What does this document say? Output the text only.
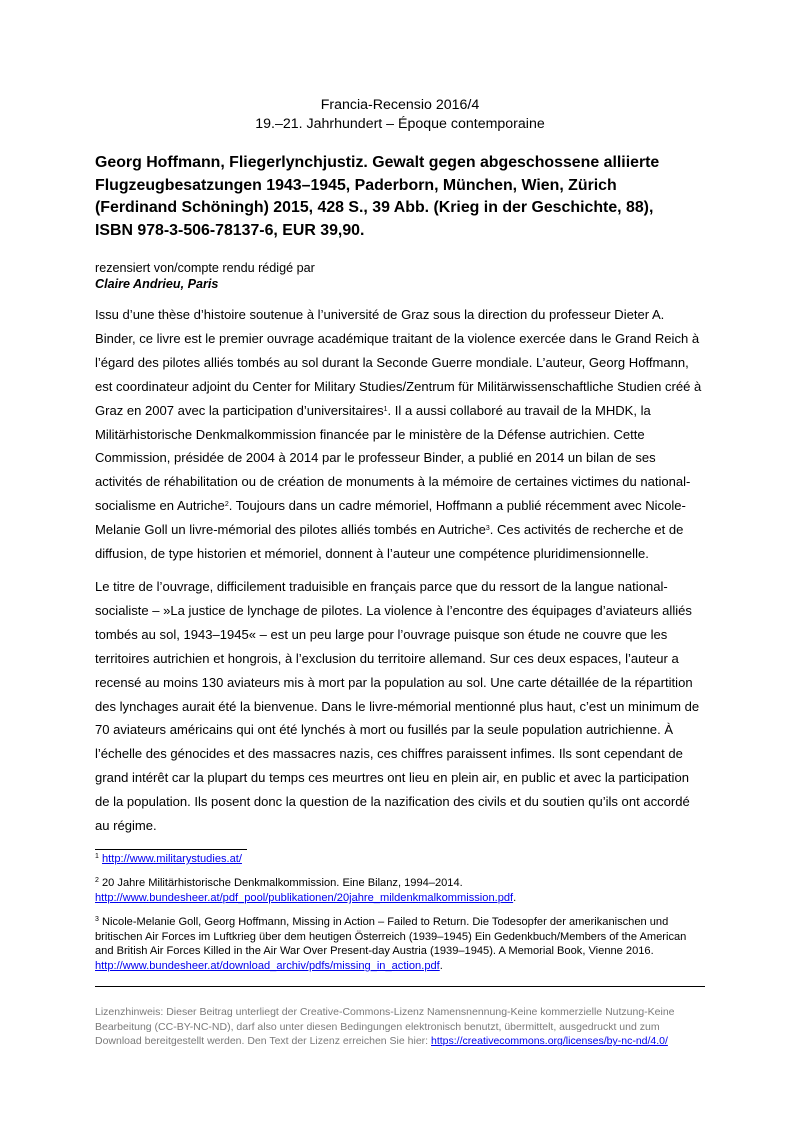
Francia-Recensio 2016/4
19.–21. Jahrhundert – Époque contemporaine
Georg Hoffmann, Fliegerlynchjustiz. Gewalt gegen abgeschossene alliierte
Flugzeugbesatzungen 1943–1945, Paderborn, München, Wien, Zürich
(Ferdinand Schöningh) 2015, 428 S., 39 Abb. (Krieg in der Geschichte, 88),
ISBN 978-3-506-78137-6, EUR 39,90.
rezensiert von/compte rendu rédigé par
Claire Andrieu, Paris

Issu d’une thèse d’histoire soutenue à l’université de Graz sous la direction du professeur Dieter A. Binder, ce livre est le premier ouvrage académique traitant de la violence exercée dans le Grand Reich à l’égard des pilotes alliés tombés au sol durant la Seconde Guerre mondiale. L’auteur, Georg Hoffmann, est coordinateur adjoint du Center for Military Studies/Zentrum für Militärwissenschaftliche Studien créé à Graz en 2007 avec la participation d’universitaires$^1$. Il a aussi collaboré au travail de la MHDK, la Militärhistorische Denkmalkommission financée par le ministère de la Défense autrichien. Cette Commission, présidée de 2004 à 2014 par le professeur Binder, a publié en 2014 un bilan de ses activités de réhabilitation ou de création de monuments à la mémoire de certaines victimes du national-socialisme en Autriche$^2$. Toujours dans un cadre mémoriel, Hoffmann a publié récemment avec Nicole-Melanie Goll un livre-mémorial des pilotes alliés tombés en Autriche$^3$. Ces activités de recherche et de diffusion, de type historien et mémoriel, donnent à l’auteur une compétence pluridimensionnelle.

Le titre de l’ouvrage, difficilement traduisible en français parce que du ressort de la langue national-socialiste – »La justice de lynchage de pilotes. La violence à l’encontre des équipages d’aviateurs alliés tombés au sol, 1943–1945« – est un peu large pour l’ouvrage puisque son étude ne couvre que les territoires autrichien et hongrois, à l’exclusion du territoire allemand. Sur ces deux espaces, l’auteur a recensé au moins 130 aviateurs mis à mort par la population au sol. Une carte détaillée de la répartition des lynchages aurait été la bienvenue. Dans le livre-mémorial mentionné plus haut, c’est un minimum de 70 aviateurs américains qui ont été lynchés à mort ou fusillés par la seule population autrichienne. À l’échelle des génocides et des massacres nazis, ces chiffres paraissent infimes. Ils sont cependant de grand intérêt car la plupart du temps ces meurtres ont lieu en plein air, en public et avec la participation de la population. Ils posent donc la question de la nazification des civils et du soutien qu’ils ont accordé au régime.

$^1$ http://www.militarystudies.at/
$^2$ 20 Jahre Militärhistorische Denkmalkommission. Eine Bilanz, 1994–2014.
http://www.bundesheer.at/pdf_pool/publikationen/20jahre_mildenkmalkommission.pdf.
$^3$ Nicole-Melanie Goll, Georg Hoffmann, Missing in Action – Failed to Return. Die Todesopfer der amerikanischen und britischen Air Forces im Luftkrieg über dem heutigen Österreich (1939–1945) Ein Gedenkbuch/Members of the American and British Air Forces Killed in the Air War Over Present-day Austria (1939–1945). A Memorial Book, Vienne 2016. http://www.bundesheer.at/download_archiv/pdfs/missing_in_action.pdf.
Lizenzhinweis: Dieser Beitrag unterliegt der Creative-Commons-Lizenz Namensnennung-Keine kommerzielle Nutzung-Keine Bearbeitung (CC-BY-NC-ND), darf also unter diesen Bedingungen elektronisch benutzt, übermittelt, ausgedruckt und zum Download bereitgestellt werden. Den Text der Lizenz erreichen Sie hier: https://creativecommons.org/licenses/by-nc-nd/4.0/
